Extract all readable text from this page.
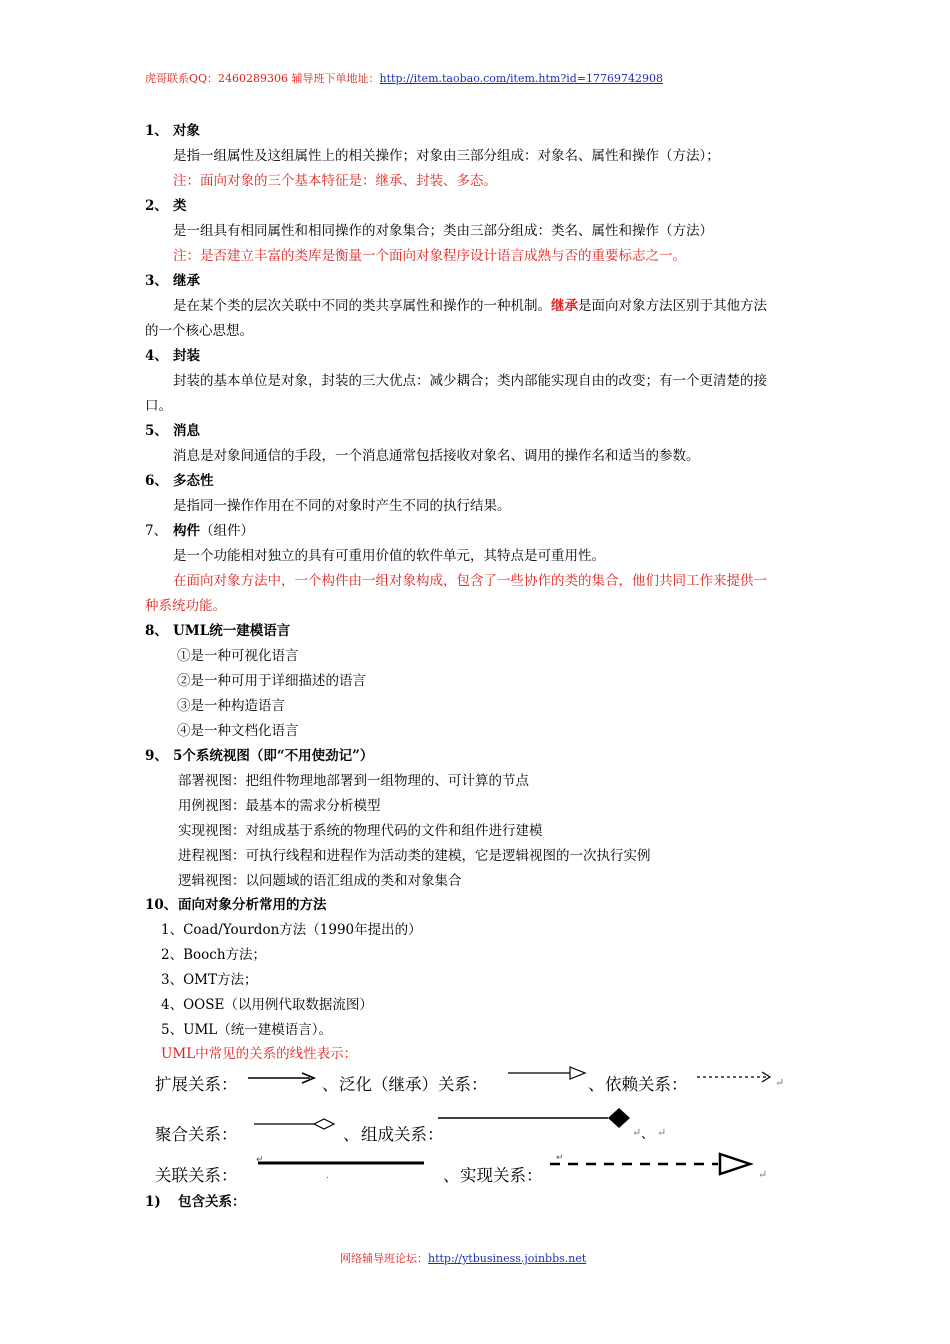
虎哥联系QQ：2460289306 辅导班下单地址：http://item.taobao.com/item.htm?id=17769742908
1、 对象
是指一组属性及这组属性上的相关操作；对象由三部分组成：对象名、属性和操作（方法）；
注：面向对象的三个基本特征是：继承、封装、多态。
2、 类
是一组具有相同属性和相同操作的对象集合；类由三部分组成：类名、属性和操作（方法）
注：是否建立丰富的类库是衡量一个面向对象程序设计语言成熟与否的重要标志之一。
3、 继承
是在某个类的层次关联中不同的类共享属性和操作的一种机制。继承是面向对象方法区别于其他方法
的一个核心思想。
4、 封装
封装的基本单位是对象，封装的三大优点：减少耦合；类内部能实现自由的改变；有一个更清楚的接
口。
5、 消息
消息是对象间通信的手段，一个消息通常包括接收对象名、调用的操作名和适当的参数。
6、 多态性
是指同一操作作用在不同的对象时产生不同的执行结果。
7、 构件（组件）
是一个功能相对独立的具有可重用价值的软件单元，其特点是可重用性。
在面向对象方法中，一个构件由一组对象构成，包含了一些协作的类的集合，他们共同工作来提供一
种系统功能。
8、 UML统一建模语言
①是一种可视化语言
②是一种可用于详细描述的语言
③是一种构造语言
④是一种文档化语言
9、 5个系统视图（即“不用使劲记”）
部署视图：把组件物理地部署到一组物理的、可计算的节点
用例视图：最基本的需求分析模型
实现视图：对组成基于系统的物理代码的文件和组件进行建模
进程视图：可执行线程和进程作为活动类的建模，它是逻辑视图的一次执行实例
逻辑视图：以问题域的语汇组成的类和对象集合
10、面向对象分析常用的方法
1、Coad/Yourdon方法（1990年提出的）
2、Booch方法；
3、OMT方法；
4、OOSE（以用例代取数据流图）
5、UML（统一建模语言）。
UML中常见的关系的线性表示：
扩展关系：	、 泛化（继承）关系：	、 依赖关系：	↵
聚合关系：	、 组成关系：	↵ 、 ↵
关联关系：
↵
.	、 实现关系：
↵
↵
1) 包含关系：
网络辅导班论坛：http://ytbusiness.joinbbs.net
